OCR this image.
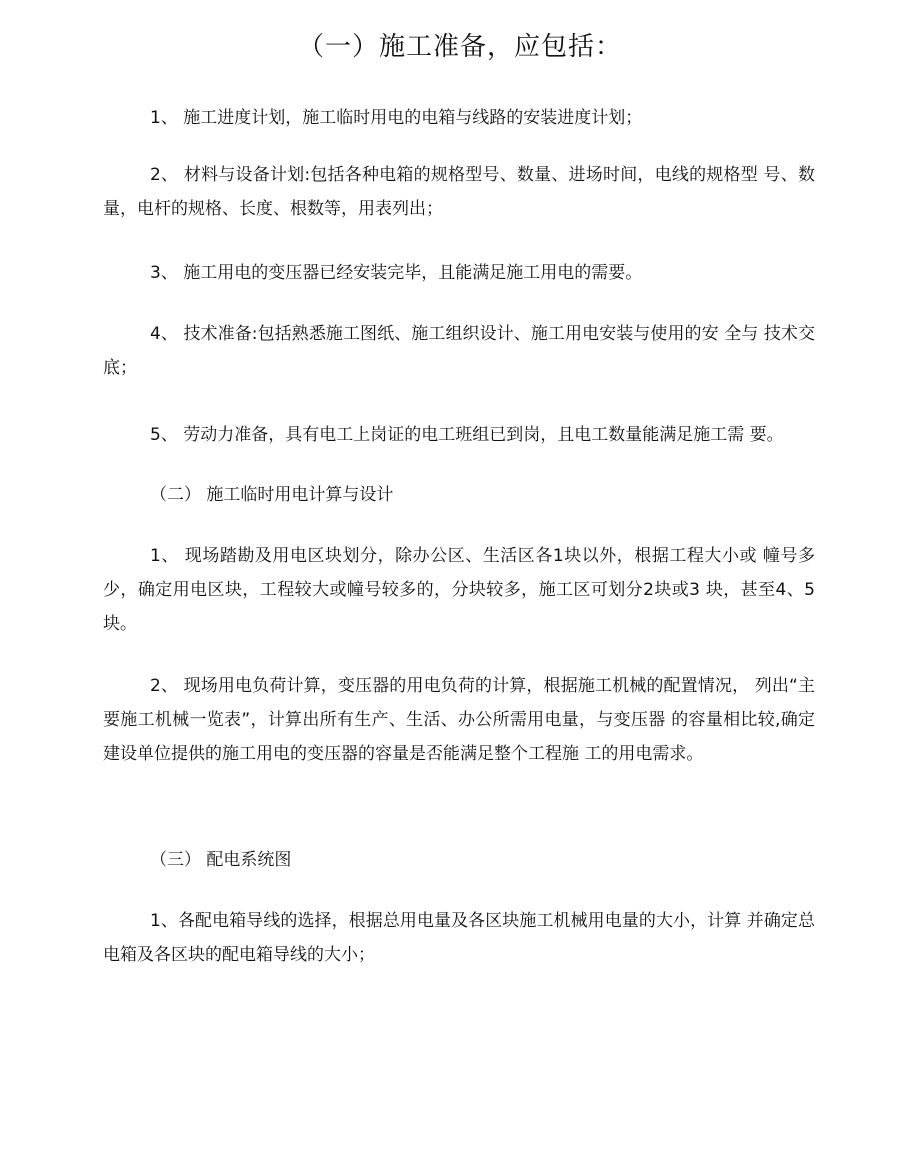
（一）施工准备，应包括：
1、 施工进度计划，施工临时用电的电箱与线路的安装进度计划；
2、 材料与设备计划:包括各种电箱的规格型号、数量、进场时间，电线的规格型 号、数量，电杆的规格、长度、根数等，用表列出；
3、 施工用电的变压器已经安装完毕，且能满足施工用电的需要。
4、 技术准备:包括熟悉施工图纸、施工组织设计、施工用电安装与使用的安 全与 技术交底；
5、 劳动力准备，具有电工上岗证的电工班组已到岗，且电工数量能满足施工需 要。
（二） 施工临时用电计算与设计
1、 现场踏勘及用电区块划分，除办公区、生活区各1块以外，根据工程大小或 幢号多少，确定用电区块，工程较大或幢号较多的，分块较多，施工区可划分2块或3 块，甚至4、5块。
2、 现场用电负荷计算，变压器的用电负荷的计算，根据施工机械的配置情况， 列出“主要施工机械一览表”，计算出所有生产、生活、办公所需用电量，与变压器 的容量相比较,确定建设单位提供的施工用电的变压器的容量是否能满足整个工程施 工的用电需求。
（三） 配电系统图
1、各配电箱导线的选择，根据总用电量及各区块施工机械用电量的大小，计算 并确定总电箱及各区块的配电箱导线的大小；
